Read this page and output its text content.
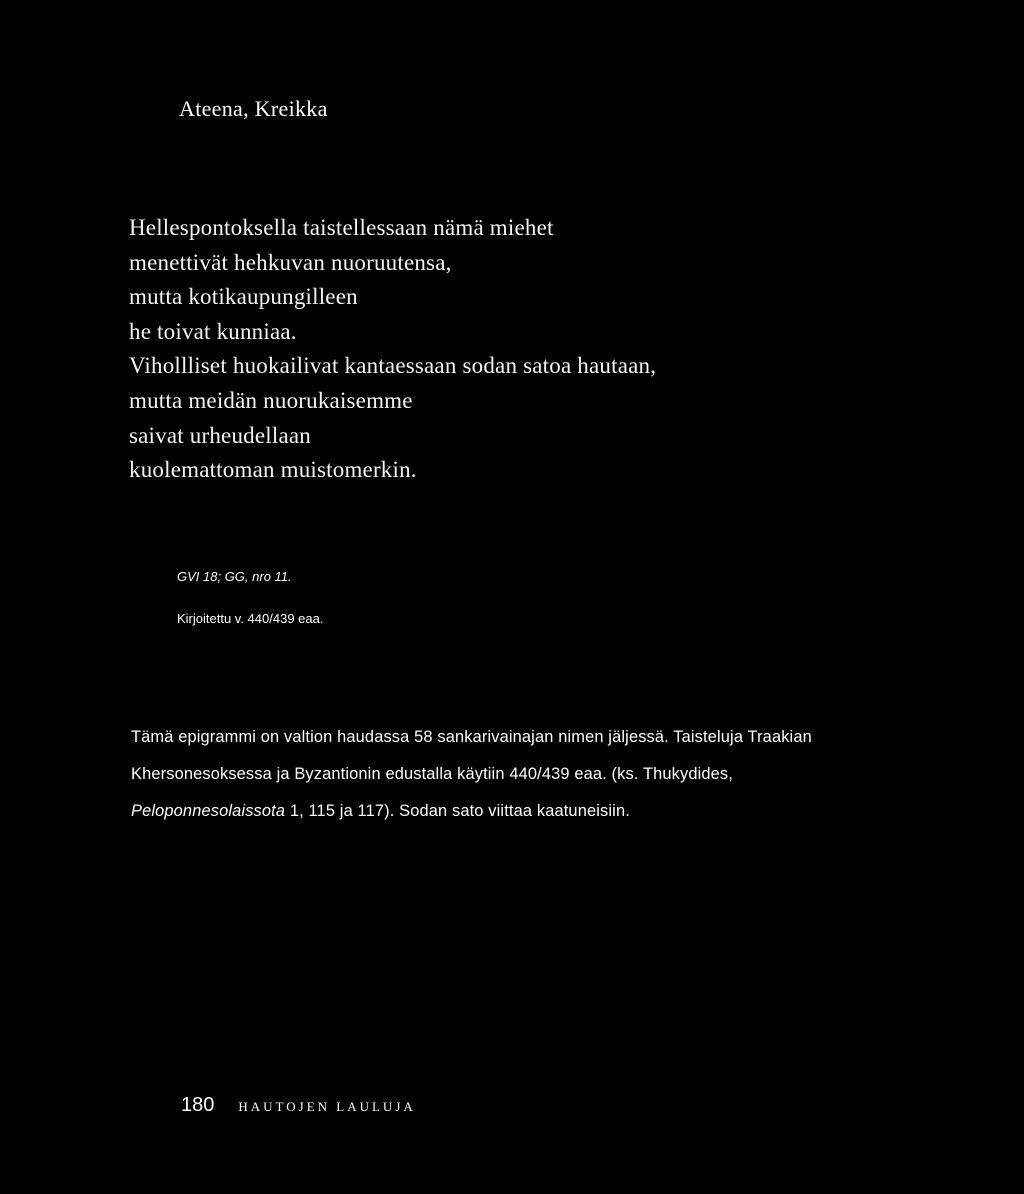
Ateena, Kreikka
Hellespontoksella taistellessaan nämä miehet
menettivät hehkuvan nuoruutensa,
mutta kotikaupungilleen
he toivat kunniaa.
Vihollliset huokailivat kantaessaan sodan satoa hautaan,
mutta meidän nuorukaisemme
saivat urheudellaan
kuolemattoman muistomerkin.

GVI 18; GG, nro 11.

Kirjoitettu v. 440/439 eaa.

Tämä epigrammi on valtion haudassa 58 sankarivainajan nimen jäljessä. Taisteluja Traakian
Khersonesoksessa ja Byzantionin edustalla käytiin 440/439 eaa. (ks. Thukydides,
Peloponnesolaissota 1, 115 ja 117). Sodan sato viittaa kaatuneisiin.

180 HAUTOJEN LAULUJA
